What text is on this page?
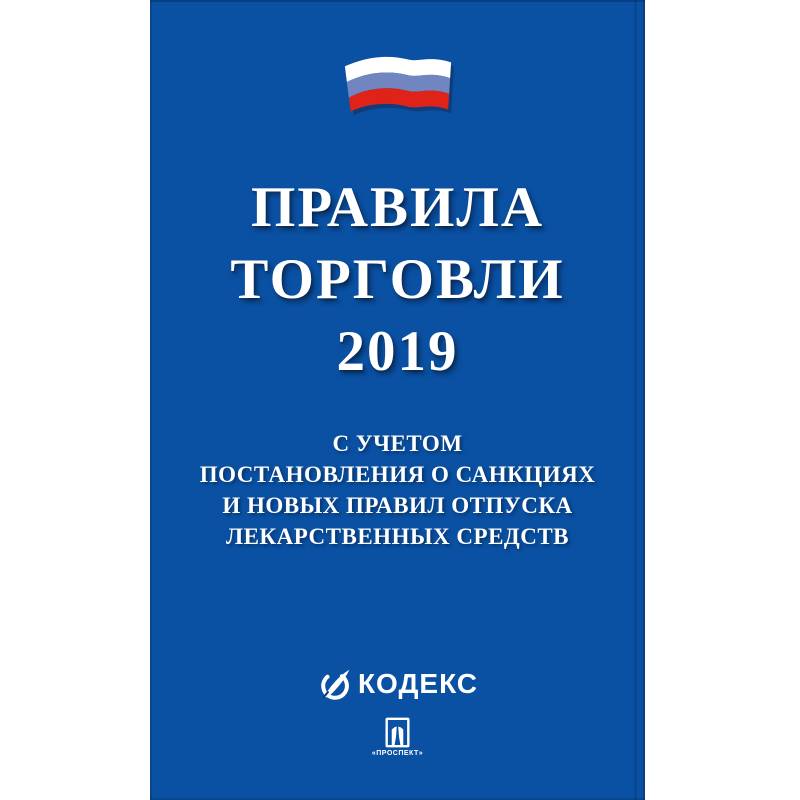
ПРАВИЛА
ТОРГОВЛИ
2019
С УЧЕТОМ
ПОСТАНОВЛЕНИЯ О САНКЦИЯХ
И НОВЫХ ПРАВИЛ ОТПУСКА
ЛЕКАРСТВЕННЫХ СРЕДСТВ
КОДЕКС
«ПРОСПЕКТ»
